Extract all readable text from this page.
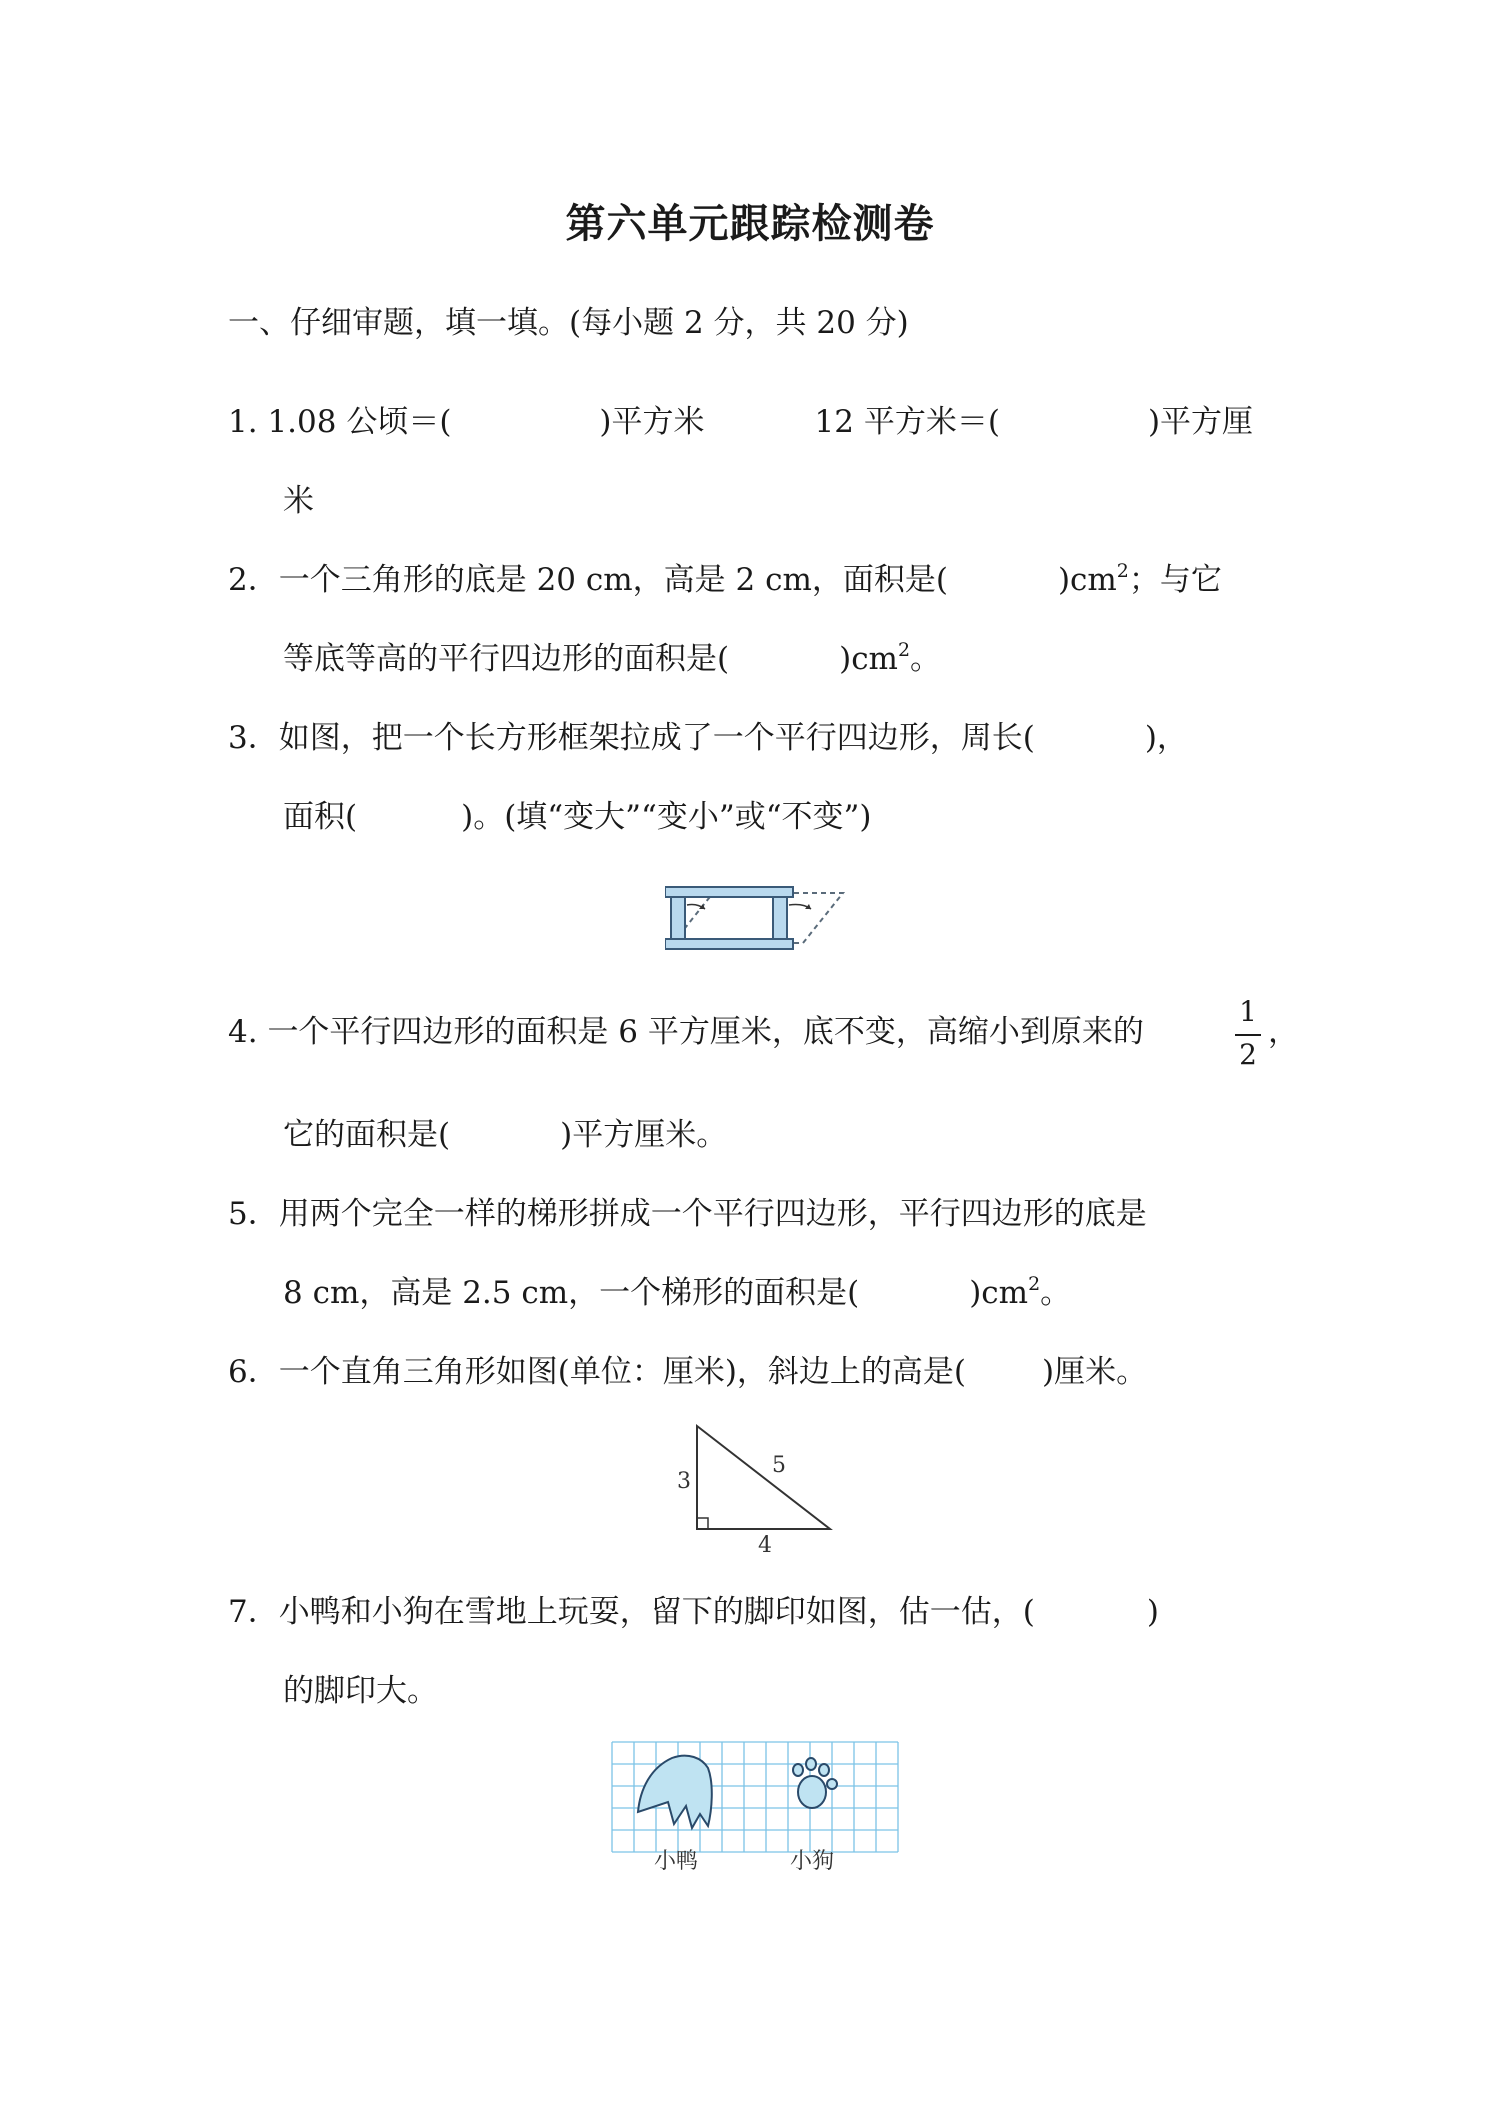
第六单元跟踪检测卷
一、仔细审题，填一填。(每小题 2 分，共 20 分)
1. 1.08 公顷＝(	)平方米	12 平方米＝(	)平方厘
米
2．一个三角形的底是 20 cm，高是 2 cm，面积是(	)$cm^2$；与它
等底等高的平行四边形的面积是(	)$cm^2$。
3．如图，把一个长方形框架拉成了一个平行四边形，周长(	)，
面积(	)。(填“变大”“变小”或“不变”)
4. 一个平行四边形的面积是 6 平方厘米，底不变，高缩小到原来的
1
2
，
它的面积是(	)平方厘米。
5．用两个完全一样的梯形拼成一个平行四边形，平行四边形的底是
8 cm，高是 2.5 cm，一个梯形的面积是(	)$cm^2$。
6．一个直角三角形如图(单位：厘米)，斜边上的高是( )厘米。
3
5
4
7．小鸭和小狗在雪地上玩耍，留下的脚印如图，估一估，(	)
的脚印大。
小鸭	小狗
